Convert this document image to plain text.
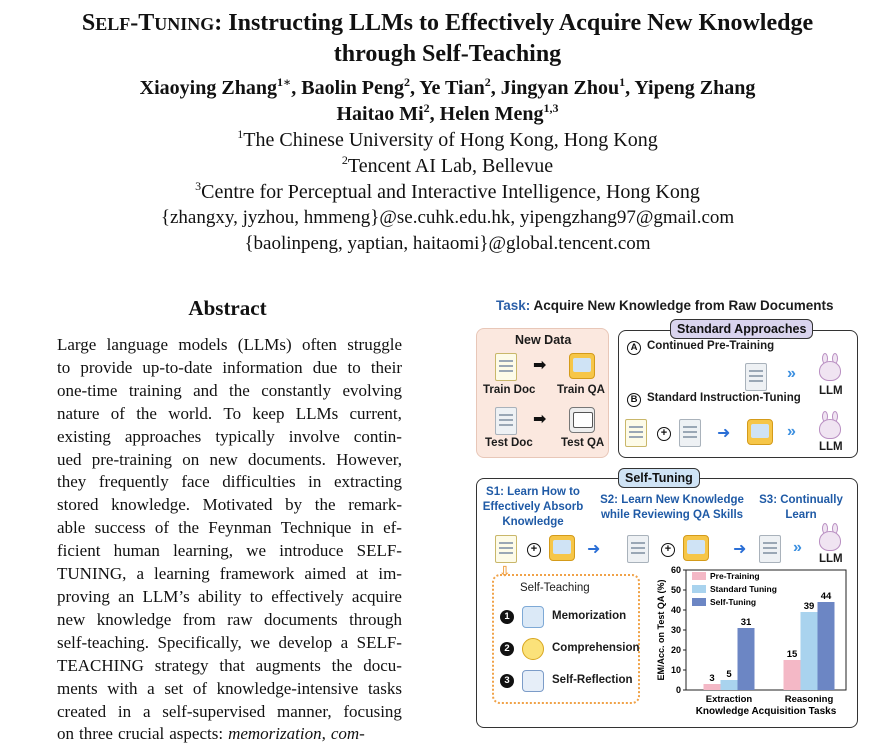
SELF-TUNING: Instructing LLMs to Effectively Acquire New Knowledge
through Self-Teaching
Xiaoying Zhang$^{1∗}$, Baolin Peng$^2$, Ye Tian$^2$, Jingyan Zhou$^1$, Yipeng Zhang
Haitao Mi$^2$, Helen Meng$^{1,3}$
$^1$The Chinese University of Hong Kong, Hong Kong
$^2$Tencent AI Lab, Bellevue
$^3$Centre for Perceptual and Interactive Intelligence, Hong Kong
{zhangxy, jyzhou, hmmeng}@se.cuhk.edu.hk, yipengzhang97@gmail.com
{baolinpeng, yaptian, haitaomi}@global.tencent.com
Abstract
Large language models (LLMs) often struggle
to provide up-to-date information due to their
one-time training and the constantly evolving
nature of the world. To keep LLMs current,
existing approaches typically involve contin-
ued pre-training on new documents. However,
they frequently face difficulties in extracting
stored knowledge. Motivated by the remark-
able success of the Feynman Technique in ef-
ficient human learning, we introduce SELF-
TUNING, a learning framework aimed at im-
proving an LLM’s ability to effectively acquire
new knowledge from raw documents through
self-teaching. Specifically, we develop a SELF-
TEACHING strategy that augments the docu-
ments with a set of knowledge-intensive tasks
created in a self-supervised manner, focusing
on three crucial aspects: memorization, com-
Task: Acquire New Knowledge from Raw Documents
New Data
➡
Train Doc Train QA
➡
Test Doc Test QA
A Continued Pre-Training
»
LLM
B Standard Instruction-Tuning
+	➜	»
LLM
Standard Approaches
S1: Learn How to
Effectively Absorb
Knowledge
S2: Learn New Knowledge
while Reviewing QA Skills
S3: Continually
Learn
+	➜	+	➜	»
LLM
⇩
Self-Tuning
Self-Teaching
1	Memorization
2	Comprehension
3	Self-Reflection
0
10
20
30
40
50
60
EM/Acc. on Test QA (%)	3 5
31
Extraction
15
39
44
Reasoning
Knowledge Acquisition Tasks
Pre-Training
Standard Tuning
Self-Tuning
